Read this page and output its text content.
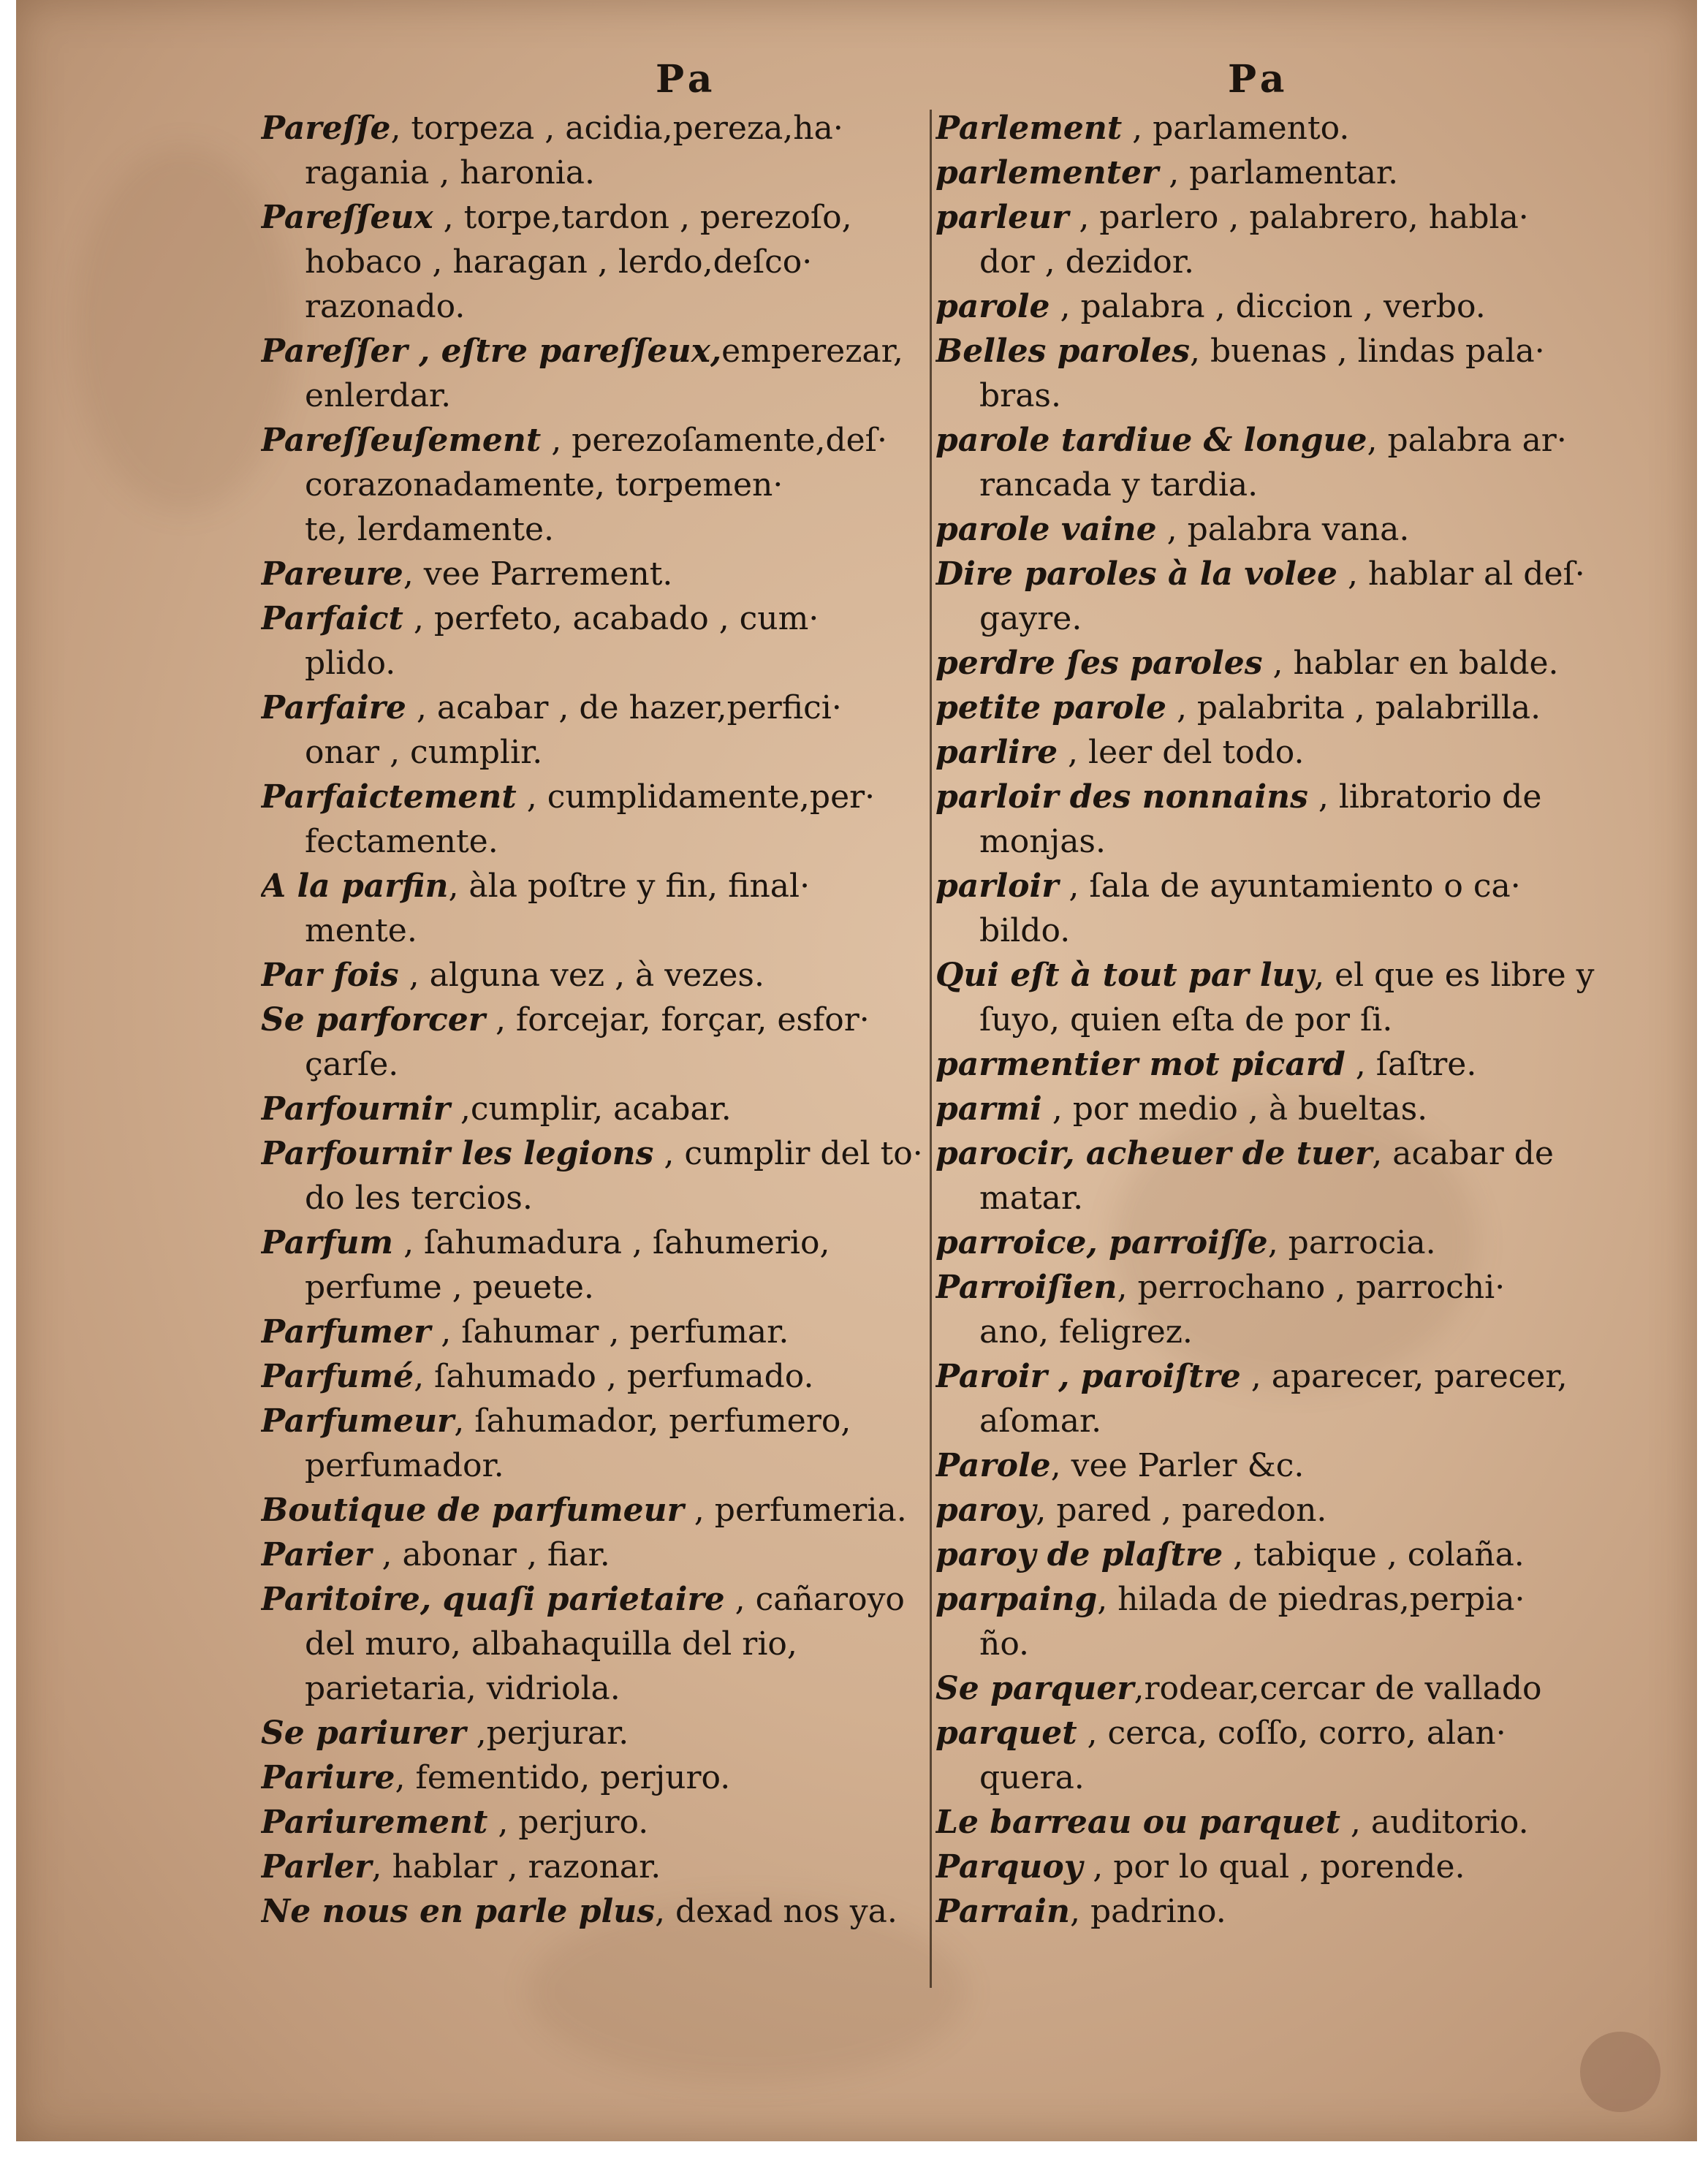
Pa
Pareſſe, torpeza , acidia,pereza,ha·
ragania , haronia.
Pareſſeux , torpe,tardon , perezoſo,
hobaco , haragan , lerdo,deſco·
razonado.
Pareſſer , eſtre pareſſeux,emperezar,
enlerdar.
Pareſſeuſement , perezoſamente,deſ·
corazonadamente, torpemen·
te, lerdamente.
Pareure, vee Parrement.
Parfaict , perfeto, acabado , cum·
plido.
Parfaire , acabar , de hazer,perfici·
onar , cumplir.
Parfaictement , cumplidamente,per·
fectamente.
A la parfin, àla poſtre y fin, final·
mente.
Par fois , alguna vez , à vezes.
Se parforcer , forcejar, forçar, esfor·
çarſe.
Parfournir ,cumplir, acabar.
Parfournir les legions , cumplir del to·
do les tercios.
Parfum , ſahumadura , ſahumerio,
perfume , peuete.
Parfumer , ſahumar , perfumar.
Parfumé, ſahumado , perfumado.
Parfumeur, ſahumador, perfumero,
perfumador.
Boutique de parfumeur , perfumeria.
Parier , abonar , fiar.
Paritoire, quaſi parietaire , cañaroyo
del muro, albahaquilla del rio,
parietaria, vidriola.
Se pariurer ,perjurar.
Pariure, fementido, perjuro.
Pariurement , perjuro.
Parler, hablar , razonar.
Ne nous en parle plus, dexad nos ya.
Pa
Parlement , parlamento.
parlementer , parlamentar.
parleur , parlero , palabrero, habla·
dor , dezidor.
parole , palabra , diccion , verbo.
Belles paroles, buenas , lindas pala·
bras.
parole tardiue & longue, palabra ar·
rancada y tardia.
parole vaine , palabra vana.
Dire paroles à la volee , hablar al deſ·
gayre.
perdre ſes paroles , hablar en balde.
petite parole , palabrita , palabrilla.
parlire , leer del todo.
parloir des nonnains , libratorio de
monjas.
parloir , ſala de ayuntamiento o ca·
bildo.
Qui eſt à tout par luy, el que es libre y
ſuyo, quien eſta de por ſi.
parmentier mot picard , ſaſtre.
parmi , por medio , à bueltas.
parocir, acheuer de tuer, acabar de
matar.
parroice, parroiſſe, parrocia.
Parroiſien, perrochano , parrochi·
ano, feligrez.
Paroir , paroiſtre , aparecer, parecer,
aſomar.
Parole, vee Parler &c.
paroy, pared , paredon.
paroy de plaſtre , tabique , colaña.
parpaing, hilada de piedras,perpia·
ño.
Se parquer,rodear,cercar de vallado
parquet , cerca, coſſo, corro, alan·
quera.
Le barreau ou parquet , auditorio.
Parquoy , por lo qual , porende.
Parrain, padrino.
